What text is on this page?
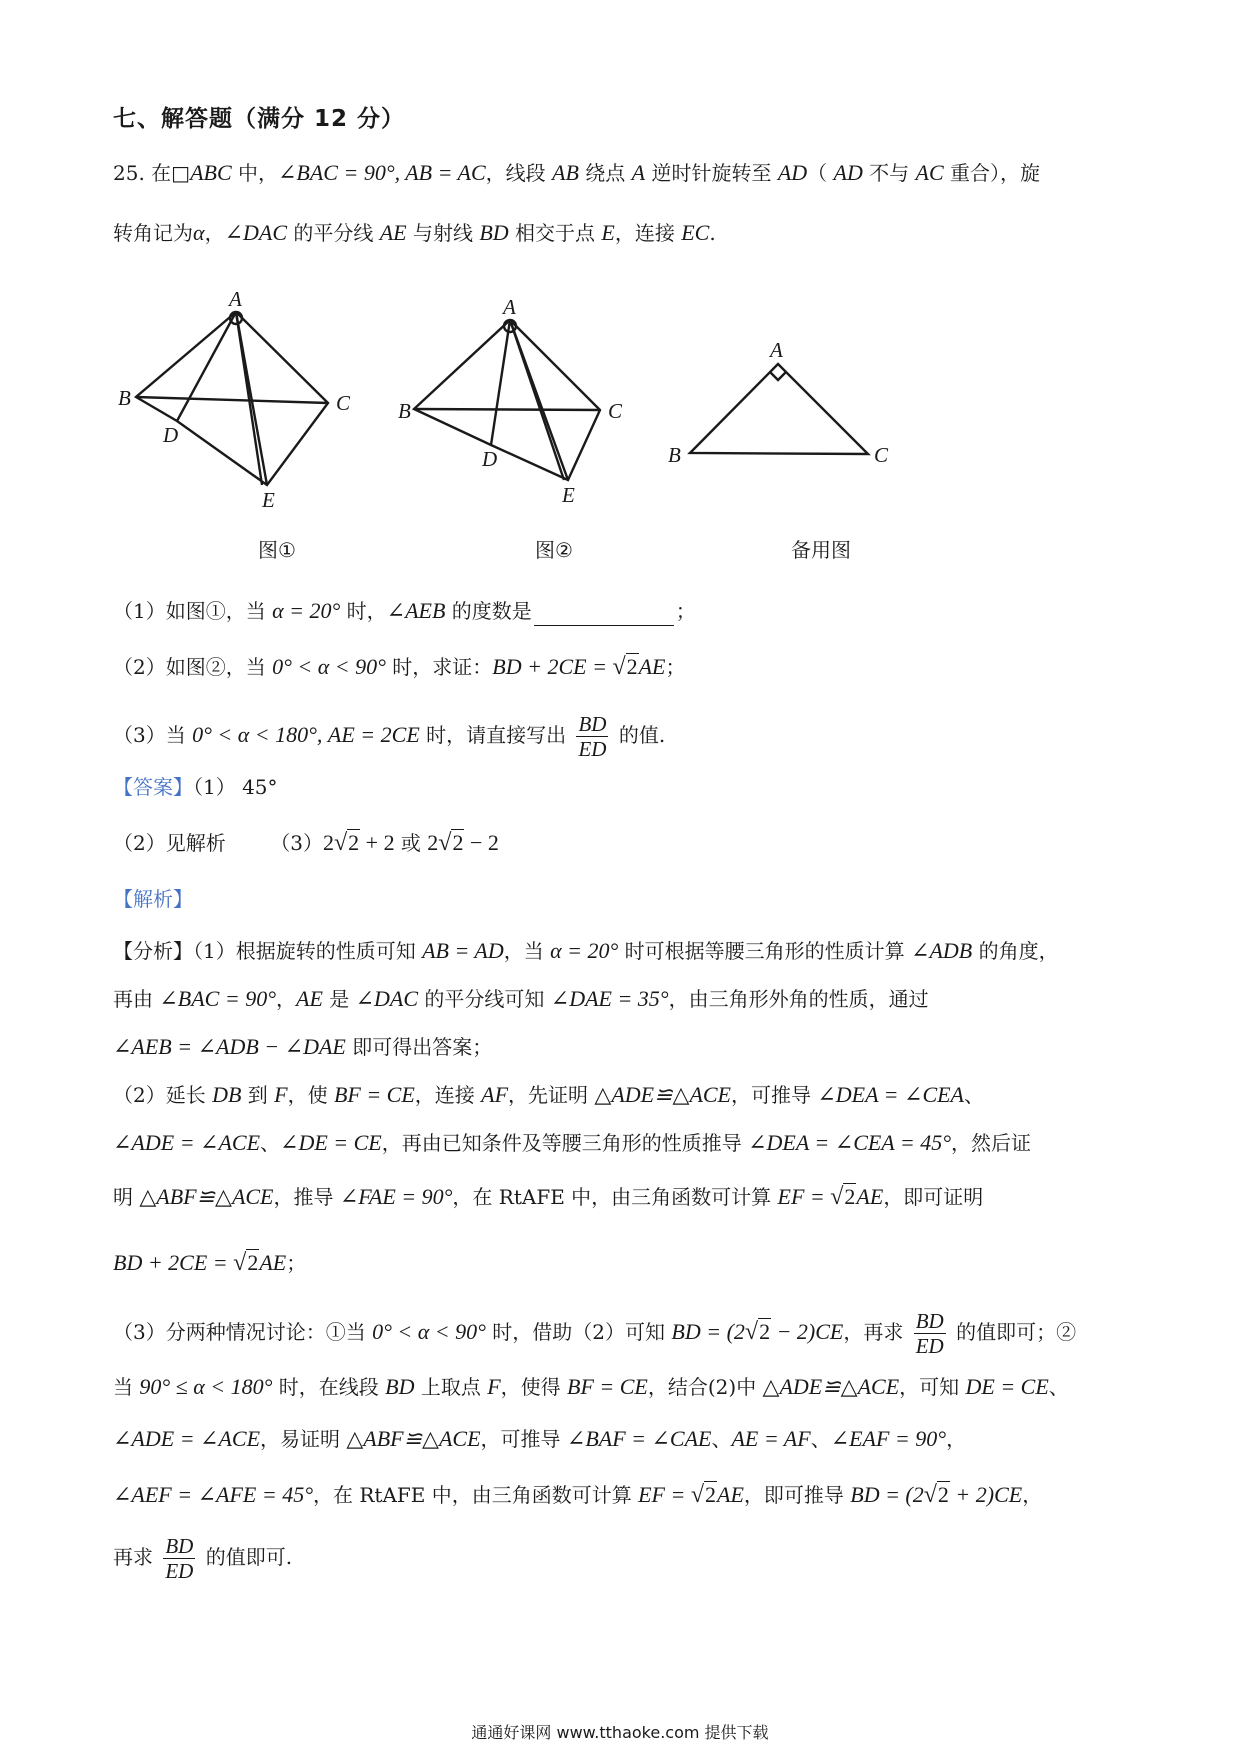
七、解答题（满分 12 分）
25. 在□ABC 中，∠BAC = 90°, AB = AC，线段 AB 绕点 A 逆时针旋转至 AD（ AD 不与 AC 重合），旋
转角记为α，∠DAC 的平分线 AE 与射线 BD 相交于点 E，连接 EC.
A
B	C
D
E
A
B	C
D
E
A
B	C
图①	图②	备用图
（1）如图①，当 α = 20° 时，∠AEB 的度数是	；
（2）如图②，当 0° < α < 90° 时，求证：BD + 2CE = √2AE；
（3）当 0° < α < 180°, AE = 2CE 时，请直接写出 $\frac{BD}{ED}$ 的值.
【答案】（1） 45°
（2）见解析 （3）2√2 + 2 或 2√2 − 2
【解析】
【分析】（1）根据旋转的性质可知 AB = AD，当 α = 20° 时可根据等腰三角形的性质计算 ∠ADB 的角度，
再由 ∠BAC = 90°，AE 是 ∠DAC 的平分线可知 ∠DAE = 35°，由三角形外角的性质，通过
∠AEB = ∠ADB − ∠DAE 即可得出答案；
（2）延长 DB 到 F，使 BF = CE，连接 AF，先证明 △ADE≌△ACE，可推导 ∠DEA = ∠CEA、
∠ADE = ∠ACE、∠DE = CE，再由已知条件及等腰三角形的性质推导 ∠DEA = ∠CEA = 45°，然后证
明 △ABF≌△ACE，推导 ∠FAE = 90°，在 RtAFE 中，由三角函数可计算 EF = √2AE，即可证明
BD + 2CE = √2AE；
（3）分两种情况讨论：①当 0° < α < 90° 时，借助（2）可知 BD = (2√2 − 2)CE，再求 $\frac{BD}{ED}$ 的值即可；②
当 90° ≤ α < 180° 时，在线段 BD 上取点 F，使得 BF = CE，结合(2)中 △ADE≌△ACE，可知 DE = CE、
∠ADE = ∠ACE，易证明 △ABF≌△ACE，可推导 ∠BAF = ∠CAE、AE = AF、∠EAF = 90°，
∠AEF = ∠AFE = 45°，在 RtAFE 中，由三角函数可计算 EF = √2AE，即可推导 BD = (2√2 + 2)CE，
再求 $\frac{BD}{ED}$ 的值即可.
通通好课网 www.tthaoke.com 提供下载
